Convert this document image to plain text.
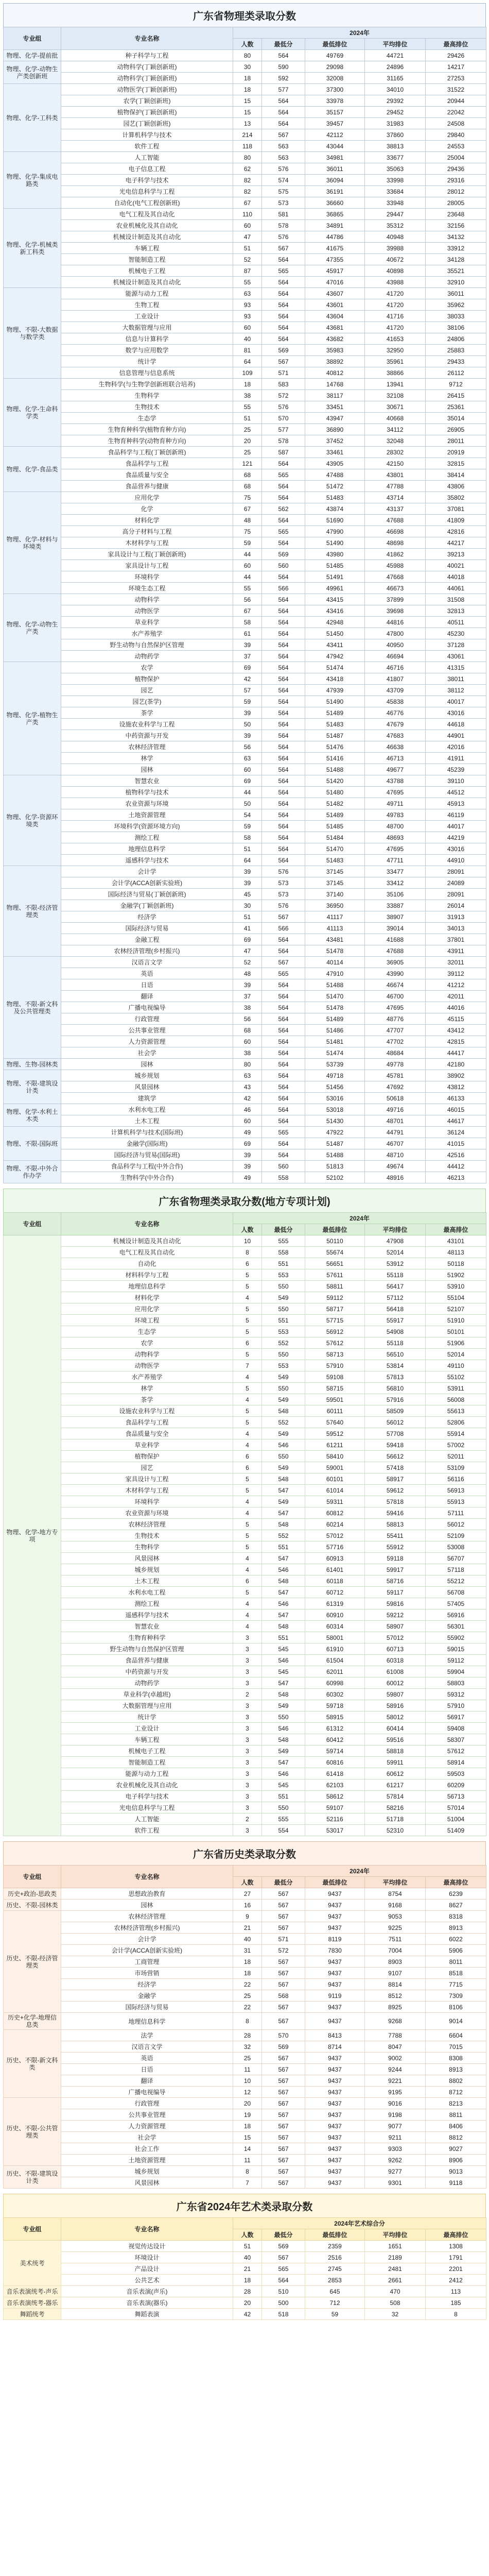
广东省物理类录取分数
专业组	专业名称	2024年				
		人数	最低分	最低排位	平均排位	最高排位
物理、化学-提前批	种子科学与工程	80	564	49769	44721	29426
物理、化学-动物生产类创新班	动物科学(丁颖创新班)	30	590	29098	24896	14217
	动物科学(丁颖创新班)	18	592	32008	31165	27253
物理、化学-工科类	动物医学(丁颖创新班)	18	577	37300	34010	31522
	农学(丁颖创新班)	15	564	33978	29392	20944
	植物保护(丁颖创新班)	15	564	35157	29452	22042
	园艺(丁颖创新班)	13	564	39457	31983	24508
	计算机科学与技术	214	567	42112	37860	29840
	软件工程	118	563	43044	38813	24553
物理、化学-集成电路类	人工智能	80	563	34981	33677	25004
	电子信息工程	62	576	36011	35063	29436
	电子科学与技术	82	574	36094	33998	29316
	光电信息科学与工程	82	575	36191	33684	28012
	自动化(电气工程创新班)	67	573	36660	33948	28005
物理、化学-机械类新工科类	电气工程及其自动化	110	581	36865	29447	23648
	农业机械化及其自动化	60	578	34891	35312	32156
	机械设计制造及其自动化	47	576	44786	40948	34132
	车辆工程	51	567	41675	39988	33912
	智能制造工程	52	564	47355	40672	34128
	机械电子工程	87	565	45917	40898	35521
	机械设计制造及其自动化	55	564	47016	43988	32910
物理、不限-大数据与数学类	能源与动力工程	63	564	43607	41720	36011
	生物工程	93	564	43601	41720	35962
	工业设计	93	564	43604	41716	38033
	大数据管理与应用	60	564	43681	41720	38106
	信息与计算科学	40	564	43682	41653	24806
	数学与应用数学	81	569	35983	32950	25883
	统计学	64	567	38892	35961	29433
	信息管理与信息系统	109	571	40812	38866	26112
物理、化学-生命科学类	生物科学(与生物学创新班联合培养)	18	583	14768	13941	9712
	生物科学	38	572	38117	32108	26415
	生物技术	55	576	33451	30671	25361
	生态学	51	570	43947	40668	35014
	生物育种科学(植物育种方向)	25	577	36890	34112	26905
	生物育种科学(动物育种方向)	20	578	37452	32048	28011
物理、化学-食品类	食品科学与工程(丁颖创新班)	25	587	33461	28302	20919
	食品科学与工程	121	564	43905	42150	32815
	食品质量与安全	68	565	47488	43801	38414
	食品营养与健康	68	564	51472	47788	43806
物理、化学-材料与环境类	应用化学	75	564	51483	43714	35802
	化学	67	562	43874	43137	37081
	材料化学	48	564	51690	47688	41809
	高分子材料与工程	75	565	47990	46698	42816
	木材科学与工程	59	564	51490	48698	44217
	家具设计与工程(丁颖创新班)	44	569	43980	41862	39213
	家具设计与工程	60	560	51485	45988	40021
	环境科学	44	564	51491	47668	44018
	环境生态工程	55	566	49961	46673	44061
物理、化学-动物生产类	动物科学	56	564	43415	37899	31508
	动物医学	67	564	43416	39698	32813
	草业科学	58	564	42948	44816	40511
	水产养殖学	61	564	51450	47800	45230
	野生动物与自然保护区管理	39	564	43411	40950	37128
	动物药学	37	564	47942	46694	43061
物理、化学-植物生产类	农学	69	564	51474	46716	41315
	植物保护	42	564	43418	41807	38011
	园艺	57	564	47939	43709	38112
	园艺(茶学)	59	564	51490	45838	40017
	茶学	39	564	51489	46776	43016
	设施农业科学与工程	50	564	51483	47679	44618
	中药资源与开发	39	564	51487	47683	44901
	农林经济管理	56	564	51476	46638	42016
	林学	63	564	51416	46713	41911
	园林	60	564	51488	49677	45239
物理、化学-资源环境类	智慧农业	69	564	51420	43788	39110
	植物科学与技术	44	564	51480	47695	44512
	农业资源与环境	50	564	51482	49711	45913
	土地资源管理	54	564	51489	49783	46119
	环境科学(资源环境方向)	59	564	51485	48700	44017
	测绘工程	58	564	51484	48693	44219
	地理信息科学	51	564	51470	47695	43016
	遥感科学与技术	64	564	51483	47711	44910
物理、不限-经济管理类	会计学	39	576	37145	33477	28091
	会计学(ACCA创新实验班)	39	573	37145	33412	24089
	国际经济与贸易(丁颖创新班)	45	573	37140	35106	28091
	金融学(丁颖创新班)	30	576	36950	33887	26014
	经济学	51	567	41117	38907	31913
	国际经济与贸易	41	566	41113	39014	34013
	金融工程	69	564	43481	41688	37801
	农林经济管理(乡村振兴)	47	564	51478	47688	43911
物理、不限-新文科及公共管理类	汉语言文学	52	567	40114	36905	32011
	英语	48	565	47910	43990	39112
	日语	39	564	51488	46674	41212
	翻译	37	564	51470	46700	42011
	广播电视编导	38	564	51478	47695	44016
	行政管理	56	564	51489	48776	45115
	公共事业管理	68	564	51486	47707	43412
	人力资源管理	60	564	51481	47702	42815
	社会学	38	564	51474	48684	44417
物理、生物-园林类	园林	80	564	53739	49778	42180
物理、不限-建筑设计类	城乡规划	63	564	49718	45781	38902
	风景园林	43	564	51456	47692	43812
	建筑学	42	564	53016	50618	46133
物理、化学-水利土木类	水利水电工程	46	564	53018	49716	46015
	土木工程	60	564	51430	48701	44617
物理、不限-国际班	计算机科学与技术(国际班)	49	565	47922	44791	36124
	金融学(国际班)	69	564	51487	46707	41015
	国际经济与贸易(国际班)	39	564	51488	48710	42516
物理、不限-中外合作办学	食品科学与工程(中外合作)	39	560	51813	49674	44412
	生物科学(中外合作)	49	558	52102	48916	46213
广东省物理类录取分数(地方专项计划)
专业组	专业名称	2024年				
		人数	最低分	最低排位	平均排位	最高排位
物理、化学-地方专项	机械设计制造及其自动化	10	555	50110	47908	43101
	电气工程及其自动化	8	558	55674	52014	48113
	自动化	6	551	56651	53912	50118
	材料科学与工程	5	553	57611	55118	51902
	地理信息科学	5	550	58811	56417	53910
	材料化学	4	549	59112	57112	55104
	应用化学	5	550	58717	56418	52107
	环境工程	5	551	57715	55917	51910
	生态学	5	553	56912	54908	50101
	农学	6	552	57612	55118	51906
	动物科学	5	550	58713	56510	52014
	动物医学	7	553	57910	53814	49110
	水产养殖学	4	549	59108	57813	55102
	林学	5	550	58715	56810	53911
	茶学	4	549	59501	57916	56008
	设施农业科学与工程	5	548	60111	58509	55613
	食品科学与工程	5	552	57640	56012	52806
	食品质量与安全	4	549	59512	57708	55914
	草业科学	4	546	61211	59418	57002
	植物保护	6	550	58410	56612	52011
	园艺	6	549	59001	57418	53109
	家具设计与工程	5	548	60101	58917	56116
	木材科学与工程	5	547	61014	59612	56913
	环境科学	4	549	59311	57818	55913
	农业资源与环境	4	547	60812	59416	57111
	农林经济管理	5	548	60214	58813	56012
	生物技术	5	552	57012	55411	52109
	生物科学	5	551	57716	55912	53008
	风景园林	4	547	60913	59118	56707
	城乡规划	4	546	61401	59917	57118
	土木工程	6	548	60118	58716	55212
	水利水电工程	5	547	60712	59117	56708
	测绘工程	4	546	61319	59816	57405
	遥感科学与技术	4	547	60910	59212	56916
	智慧农业	4	548	60314	58907	56301
	生物育种科学	3	551	58001	57012	55902
	野生动物与自然保护区管理	3	545	61910	60713	59015
	食品营养与健康	3	546	61504	60318	59112
	中药资源与开发	3	545	62011	61008	59904
	动物药学	3	547	60998	60012	58803
	草业科学(卓越班)	2	548	60302	59807	59312
	大数据管理与应用	3	549	59718	58916	57910
	统计学	3	550	58915	58012	56917
	工业设计	3	546	61312	60414	59408
	车辆工程	3	548	60412	59516	58307
	机械电子工程	3	549	59714	58818	57612
	智能制造工程	3	547	60816	59911	58914
	能源与动力工程	3	546	61418	60612	59503
	农业机械化及其自动化	3	545	62103	61217	60209
	电子科学与技术	3	551	58612	57814	56713
	光电信息科学与工程	3	550	59107	58216	57014
	人工智能	2	555	52116	51718	51004
	软件工程	3	554	53017	52310	51409
广东省历史类录取分数
专业组	专业名称	2024年				
		人数	最低分	最低排位	平均排位	最高排位
历史+政治-思政类	思想政治教育	27	567	9437	8754	6239
历史、不限-园林类	园林	16	567	9437	9168	8627
历史、不限-经济管理类	农林经济管理	9	567	9437	9053	8318
	农林经济管理(乡村振兴)	21	567	9437	9225	8913
	会计学	40	571	8119	7511	6022
	会计学(ACCA创新实验班)	31	572	7830	7004	5906
	工商管理	18	567	9437	8903	8011
	市场营销	18	567	9437	9107	8518
	经济学	22	567	9437	8814	7715
	金融学	25	568	9119	8512	7309
	国际经济与贸易	22	567	9437	8925	8106
历史+化学-地理信息类	地理信息科学	8	567	9437	9268	9014
历史、不限-新文科类	法学	28	570	8413	7788	6604
	汉语言文学	32	569	8714	8047	7015
	英语	25	567	9437	9002	8308
	日语	11	567	9437	9244	8913
	翻译	10	567	9437	9221	8802
	广播电视编导	12	567	9437	9195	8712
历史、不限-公共管理类	行政管理	20	567	9437	9016	8213
	公共事业管理	19	567	9437	9198	8811
	人力资源管理	18	567	9437	9077	8406
	社会学	15	567	9437	9211	8812
	社会工作	14	567	9437	9303	9027
	土地资源管理	11	567	9437	9262	8906
历史、不限-建筑设计类	城乡规划	8	567	9437	9277	9013
	风景园林	7	567	9437	9301	9118
广东省2024年艺术类录取分数
专业组	专业名称	2024年艺术综合分				
		人数	最低分	最低排位	平均排位	最高排位
美术统考	视觉传达设计	51	569	2359	1651	1308
	环境设计	40	567	2516	2189	1791
	产品设计	21	565	2745	2481	2201
	公共艺术	18	564	2853	2661	2412
音乐表演统考-声乐	音乐表演(声乐)	28	510	645	470	113
音乐表演统考-器乐	音乐表演(器乐)	20	500	712	508	185
舞蹈统考	舞蹈表演	42	518	59	32	8
